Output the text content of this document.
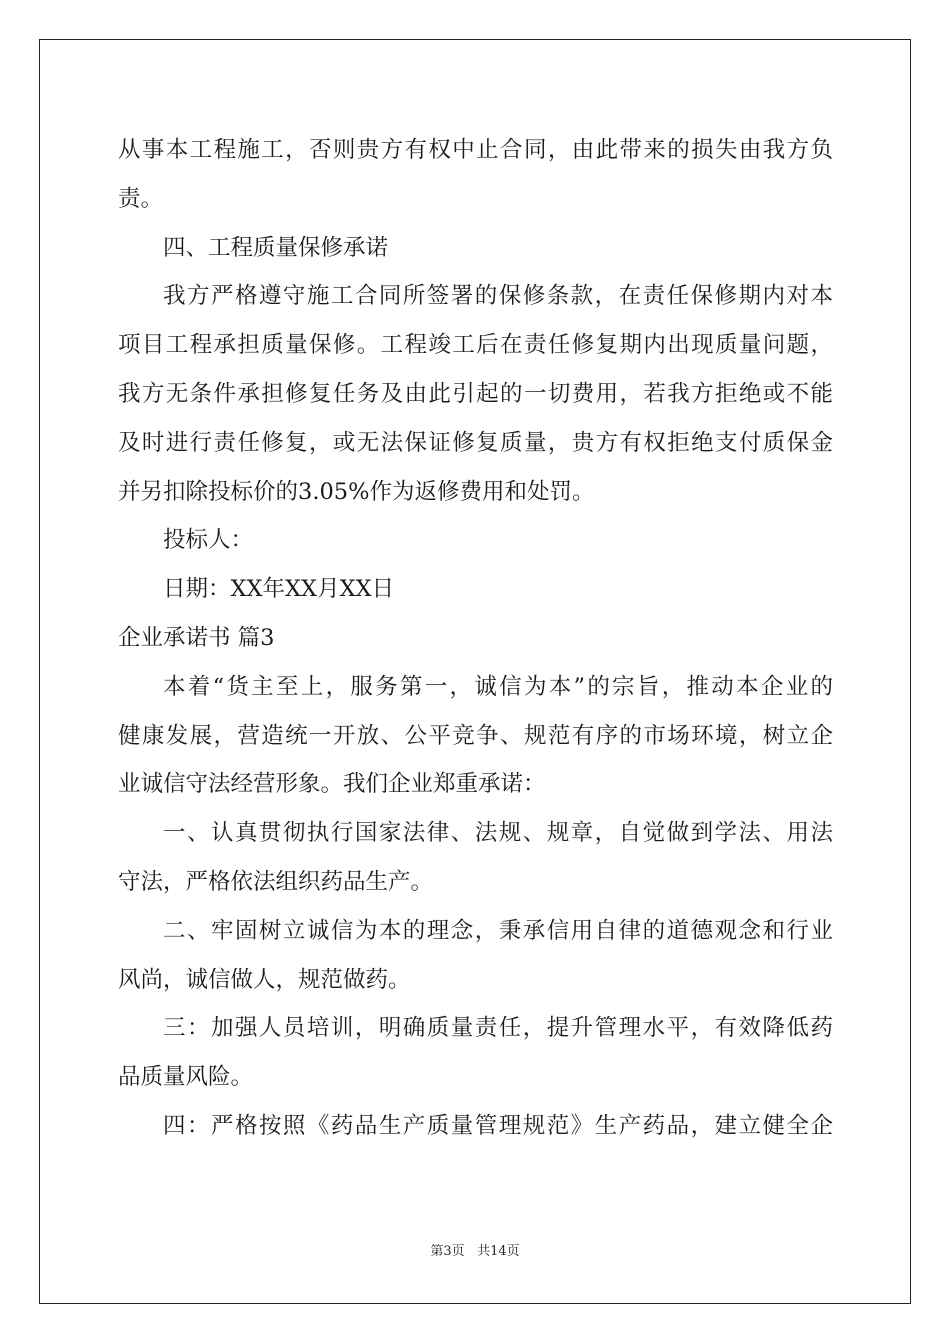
从事本工程施工，否则贵方有权中止合同，由此带来的损失由我方负
责。
四、工程质量保修承诺
我方严格遵守施工合同所签署的保修条款，在责任保修期内对本
项目工程承担质量保修。工程竣工后在责任修复期内出现质量问题，
我方无条件承担修复任务及由此引起的一切费用，若我方拒绝或不能
及时进行责任修复，或无法保证修复质量，贵方有权拒绝支付质保金
并另扣除投标价的3.05%作为返修费用和处罚。
投标人：
日期：XX年XX月XX日
企业承诺书 篇3
本着“货主至上，服务第一，诚信为本”的宗旨，推动本企业的
健康发展，营造统一开放、公平竞争、规范有序的市场环境，树立企
业诚信守法经营形象。我们企业郑重承诺：
一、认真贯彻执行国家法律、法规、规章，自觉做到学法、用法
守法，严格依法组织药品生产。
二、牢固树立诚信为本的理念，秉承信用自律的道德观念和行业
风尚，诚信做人，规范做药。
三：加强人员培训，明确质量责任，提升管理水平，有效降低药
品质量风险。
四：严格按照《药品生产质量管理规范》生产药品，建立健全企
第3页 共14页
